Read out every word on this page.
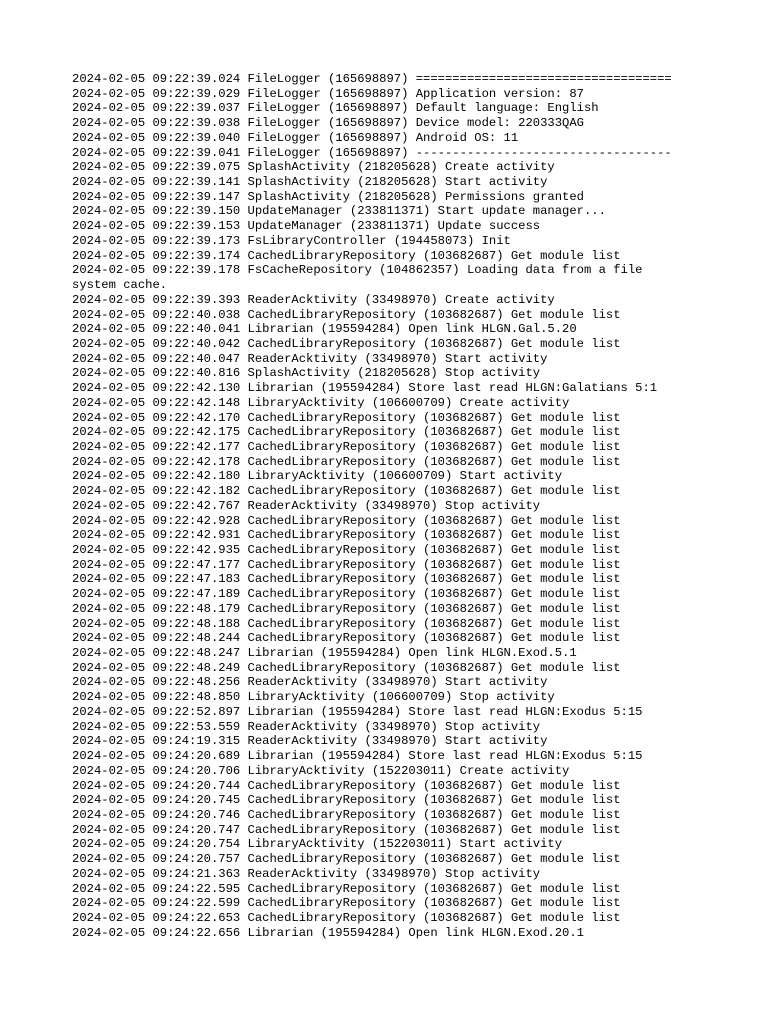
2024-02-05 09:22:39.024 FileLogger (165698897) ===================================
2024-02-05 09:22:39.029 FileLogger (165698897) Application version: 87
2024-02-05 09:22:39.037 FileLogger (165698897) Default language: English
2024-02-05 09:22:39.038 FileLogger (165698897) Device model: 220333QAG
2024-02-05 09:22:39.040 FileLogger (165698897) Android OS: 11
2024-02-05 09:22:39.041 FileLogger (165698897) -----------------------------------
2024-02-05 09:22:39.075 SplashActivity (218205628) Create activity
2024-02-05 09:22:39.141 SplashActivity (218205628) Start activity
2024-02-05 09:22:39.147 SplashActivity (218205628) Permissions granted
2024-02-05 09:22:39.150 UpdateManager (233811371) Start update manager...
2024-02-05 09:22:39.153 UpdateManager (233811371) Update success
2024-02-05 09:22:39.173 FsLibraryController (194458073) Init
2024-02-05 09:22:39.174 CachedLibraryRepository (103682687) Get module list
2024-02-05 09:22:39.178 FsCacheRepository (104862357) Loading data from a file
system cache.
2024-02-05 09:22:39.393 ReaderAcktivity (33498970) Create activity
2024-02-05 09:22:40.038 CachedLibraryRepository (103682687) Get module list
2024-02-05 09:22:40.041 Librarian (195594284) Open link HLGN.Gal.5.20
2024-02-05 09:22:40.042 CachedLibraryRepository (103682687) Get module list
2024-02-05 09:22:40.047 ReaderAcktivity (33498970) Start activity
2024-02-05 09:22:40.816 SplashActivity (218205628) Stop activity
2024-02-05 09:22:42.130 Librarian (195594284) Store last read HLGN:Galatians 5:1
2024-02-05 09:22:42.148 LibraryAcktivity (106600709) Create activity
2024-02-05 09:22:42.170 CachedLibraryRepository (103682687) Get module list
2024-02-05 09:22:42.175 CachedLibraryRepository (103682687) Get module list
2024-02-05 09:22:42.177 CachedLibraryRepository (103682687) Get module list
2024-02-05 09:22:42.178 CachedLibraryRepository (103682687) Get module list
2024-02-05 09:22:42.180 LibraryAcktivity (106600709) Start activity
2024-02-05 09:22:42.182 CachedLibraryRepository (103682687) Get module list
2024-02-05 09:22:42.767 ReaderAcktivity (33498970) Stop activity
2024-02-05 09:22:42.928 CachedLibraryRepository (103682687) Get module list
2024-02-05 09:22:42.931 CachedLibraryRepository (103682687) Get module list
2024-02-05 09:22:42.935 CachedLibraryRepository (103682687) Get module list
2024-02-05 09:22:47.177 CachedLibraryRepository (103682687) Get module list
2024-02-05 09:22:47.183 CachedLibraryRepository (103682687) Get module list
2024-02-05 09:22:47.189 CachedLibraryRepository (103682687) Get module list
2024-02-05 09:22:48.179 CachedLibraryRepository (103682687) Get module list
2024-02-05 09:22:48.188 CachedLibraryRepository (103682687) Get module list
2024-02-05 09:22:48.244 CachedLibraryRepository (103682687) Get module list
2024-02-05 09:22:48.247 Librarian (195594284) Open link HLGN.Exod.5.1
2024-02-05 09:22:48.249 CachedLibraryRepository (103682687) Get module list
2024-02-05 09:22:48.256 ReaderAcktivity (33498970) Start activity
2024-02-05 09:22:48.850 LibraryAcktivity (106600709) Stop activity
2024-02-05 09:22:52.897 Librarian (195594284) Store last read HLGN:Exodus 5:15
2024-02-05 09:22:53.559 ReaderAcktivity (33498970) Stop activity
2024-02-05 09:24:19.315 ReaderAcktivity (33498970) Start activity
2024-02-05 09:24:20.689 Librarian (195594284) Store last read HLGN:Exodus 5:15
2024-02-05 09:24:20.706 LibraryAcktivity (152203011) Create activity
2024-02-05 09:24:20.744 CachedLibraryRepository (103682687) Get module list
2024-02-05 09:24:20.745 CachedLibraryRepository (103682687) Get module list
2024-02-05 09:24:20.746 CachedLibraryRepository (103682687) Get module list
2024-02-05 09:24:20.747 CachedLibraryRepository (103682687) Get module list
2024-02-05 09:24:20.754 LibraryAcktivity (152203011) Start activity
2024-02-05 09:24:20.757 CachedLibraryRepository (103682687) Get module list
2024-02-05 09:24:21.363 ReaderAcktivity (33498970) Stop activity
2024-02-05 09:24:22.595 CachedLibraryRepository (103682687) Get module list
2024-02-05 09:24:22.599 CachedLibraryRepository (103682687) Get module list
2024-02-05 09:24:22.653 CachedLibraryRepository (103682687) Get module list
2024-02-05 09:24:22.656 Librarian (195594284) Open link HLGN.Exod.20.1
